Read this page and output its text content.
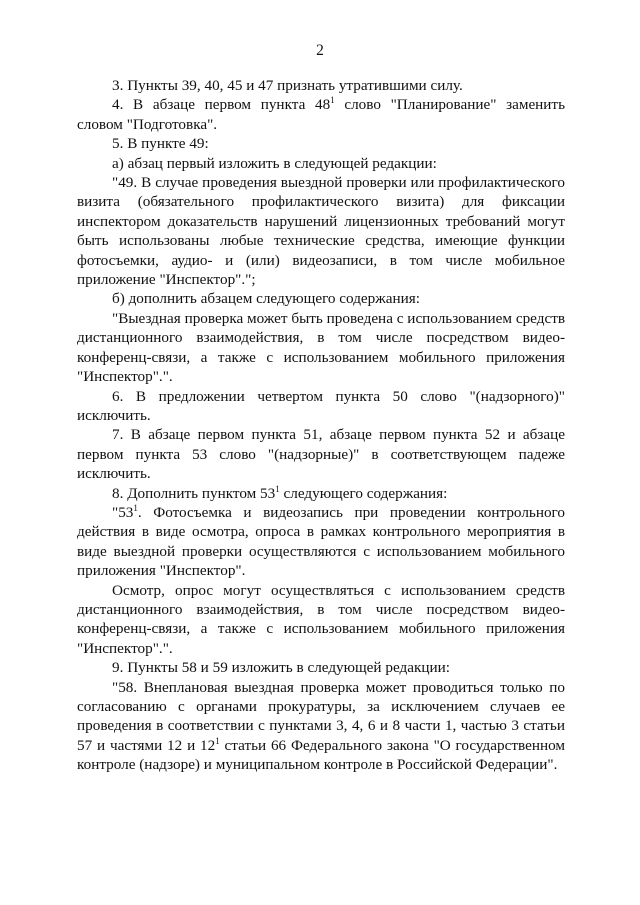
2

3. Пункты 39, 40, 45 и 47 признать утратившими силу.

4. В абзаце первом пункта $48^1$ слово "Планирование" заменить словом "Подготовка".

5. В пункте 49:

а) абзац первый изложить в следующей редакции:

"49. В случае проведения выездной проверки или профилактического визита (обязательного профилактического визита) для фиксации инспектором доказательств нарушений лицензионных требований могут быть использованы любые технические средства, имеющие функции фотосъемки, аудио- и (или) видеозаписи, в том числе мобильное приложение "Инспектор".";

б) дополнить абзацем следующего содержания:

"Выездная проверка может быть проведена с использованием средств дистанционного взаимодействия, в том числе посредством видео-конференц-связи, а также с использованием мобильного приложения "Инспектор".".

6. В предложении четвертом пункта 50 слово "(надзорного)" исключить.

7. В абзаце первом пункта 51, абзаце первом пункта 52 и абзаце первом пункта 53 слово "(надзорные)" в соответствующем падеже исключить.

8. Дополнить пунктом $53^1$ следующего содержания:

"$53^1$. Фотосъемка и видеозапись при проведении контрольного действия в виде осмотра, опроса в рамках контрольного мероприятия в виде выездной проверки осуществляются с использованием мобильного приложения "Инспектор".

Осмотр, опрос могут осуществляться с использованием средств дистанционного взаимодействия, в том числе посредством видео-конференц-связи, а также с использованием мобильного приложения "Инспектор".".

9. Пункты 58 и 59 изложить в следующей редакции:

"58. Внеплановая выездная проверка может проводиться только по согласованию с органами прокуратуры, за исключением случаев ее проведения в соответствии с пунктами 3, 4, 6 и 8 части 1, частью 3 статьи 57 и частями 12 и $12^1$ статьи 66 Федерального закона "О государственном контроле (надзоре) и муниципальном контроле в Российской Федерации".
